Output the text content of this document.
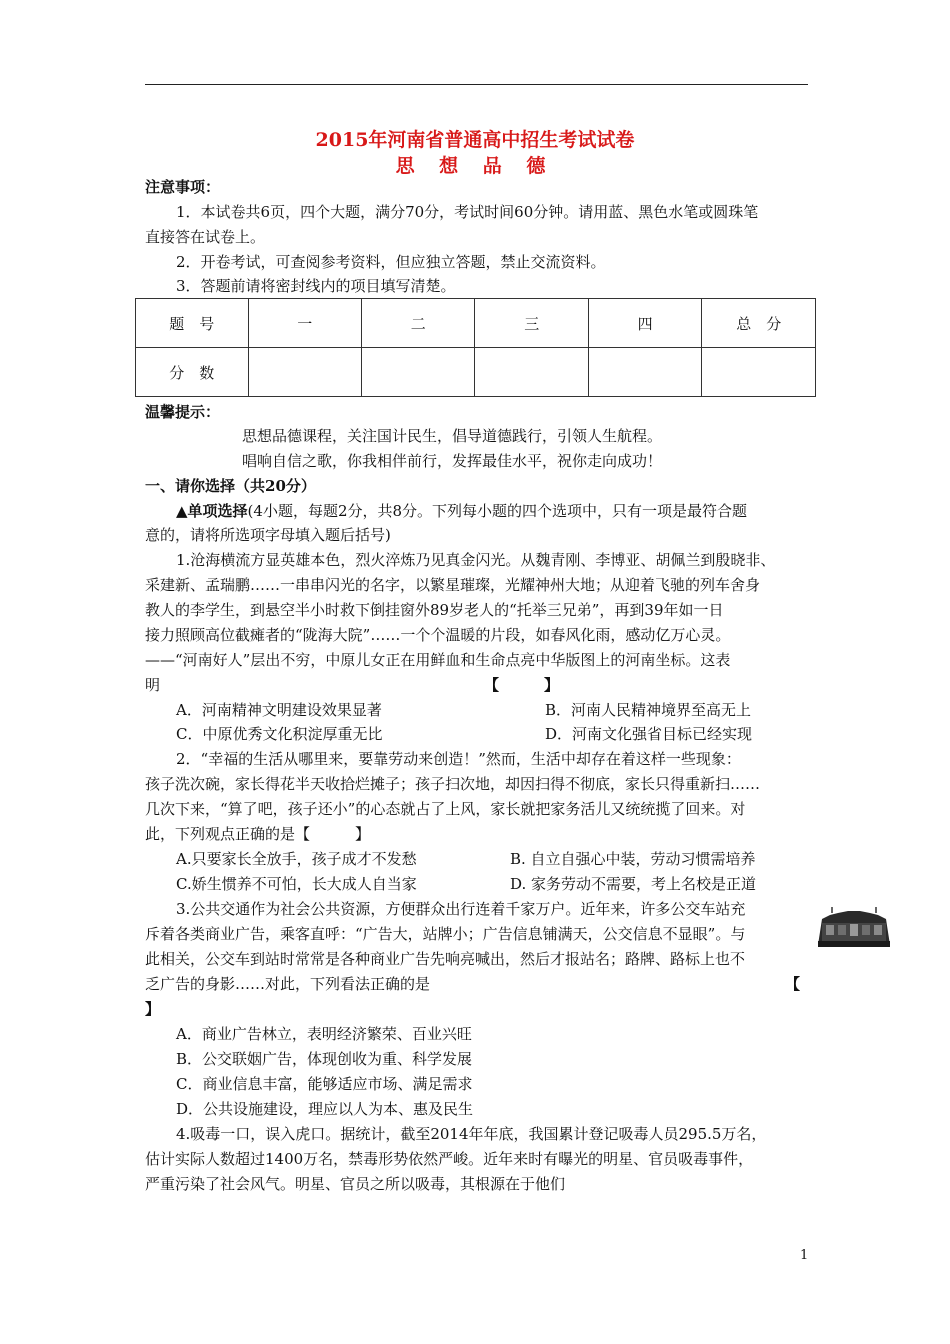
2015年河南省普通高中招生考试试卷
思 想 品 德
注意事项：
1．本试卷共6页，四个大题，满分70分，考试时间60分钟。请用蓝、黑色水笔或圆珠笔
直接答在试卷上。
2．开卷考试，可查阅参考资料，但应独立答题，禁止交流资料。
3．答题前请将密封线内的项目填写清楚。
题　号	一	二	三	四	总　分
分　数					
温馨提示：
思想品德课程，关注国计民生，倡导道德践行，引领人生航程。
唱响自信之歌，你我相伴前行，发挥最佳水平，祝你走向成功！
一、请你选择（共20分）
▲单项选择(4小题，每题2分，共8分。下列每小题的四个选项中，只有一项是最符合题
意的，请将所选项字母填入题后括号)
1.沧海横流方显英雄本色，烈火淬炼乃见真金闪光。从魏青刚、李博亚、胡佩兰到殷晓非、
采建新、孟瑞鹏……一串串闪光的名字，以繁星璀璨，光耀神州大地；从迎着飞驰的列车舍身
教人的李学生，到悬空半小时救下倒挂窗外89岁老人的“托举三兄弟”，再到39年如一日
接力照顾高位截瘫者的“陇海大院”……一个个温暖的片段，如春风化雨，感动亿万心灵。
——“河南好人”层出不穷，中原儿女正在用鲜血和生命点亮中华版图上的河南坐标。这表
明	【　　　】
A．河南精神文明建设效果显著	B．河南人民精神境界至高无上
C．中原优秀文化积淀厚重无比	D．河南文化强省目标已经实现
2．“幸福的生活从哪里来，要靠劳动来创造！”然而，生活中却存在着这样一些现象：
孩子洗次碗，家长得花半天收拾烂摊子；孩子扫次地，却因扫得不彻底，家长只得重新扫……
几次下来，“算了吧，孩子还小”的心态就占了上风，家长就把家务活儿又统统揽了回来。对
此，下列观点正确的是【　　　】
A.只要家长全放手，孩子成才不发愁	B. 自立自强心中装，劳动习惯需培养
C.娇生惯养不可怕，长大成人自当家	D. 家务劳动不需要，考上名校是正道
3.公共交通作为社会公共资源，方便群众出行连着千家万户。近年来，许多公交车站充
斥着各类商业广告，乘客直呼：“广告大，站牌小；广告信息铺满天，公交信息不显眼”。与
此相关，公交车到站时常常是各种商业广告先响亮喊出，然后才报站名；路牌、路标上也不
乏广告的身影……对此，下列看法正确的是	【
】
A．商业广告林立，表明经济繁荣、百业兴旺
B．公交联姻广告，体现创收为重、科学发展
C．商业信息丰富，能够适应市场、满足需求
D．公共设施建设，理应以人为本、惠及民生
4.吸毒一口，误入虎口。据统计，截至2014年年底，我国累计登记吸毒人员295.5万名，
估计实际人数超过1400万名，禁毒形势依然严峻。近年来时有曝光的明星、官员吸毒事件，
严重污染了社会风气。明星、官员之所以吸毒，其根源在于他们
1
